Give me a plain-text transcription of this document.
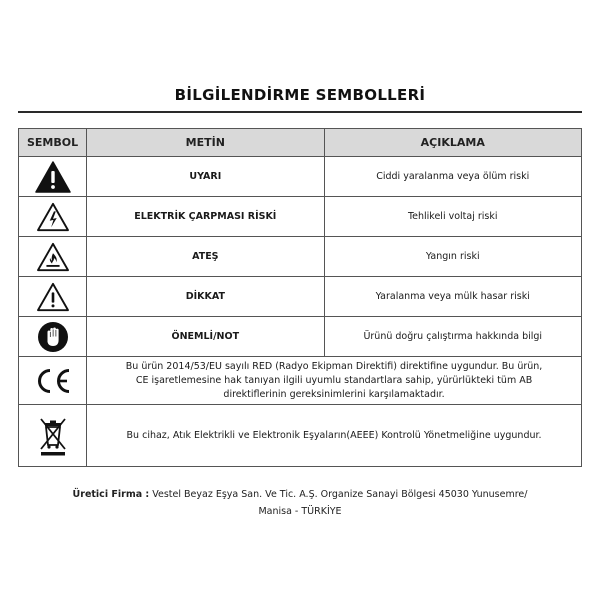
BİLGİLENDİRME SEMBOLLERİ
SEMBOL	METİN	AÇIKLAMA

	UYARI	Ciddi yaralanma veya ölüm riski

	ELEKTRİK ÇARPMASI RİSKİ	Tehlikeli voltaj riski

	ATEŞ	Yangın riski

	DİKKAT	Yaralanma veya mülk hasar riski

	ÖNEMLİ/NOT	Ürünü doğru çalıştırma hakkında bilgi

	Bu ürün 2014/53/EU sayılı RED (Radyo Ekipman Direktifi) direktifine uygundur. Bu ürün,
CE işaretlemesine hak tanıyan ilgili uyumlu standartlara sahip, yürürlükteki tüm AB
direktiflerinin gereksinimlerini karşılamaktadır.	

	Bu cihaz, Atık Elektrikli ve Elektronik Eşyaların(AEEE) Kontrolü Yönetmeliğine uygundur.	
Üretici Firma : Vestel Beyaz Eşya San. Ve Tic. A.Ş. Organize Sanayi Bölgesi 45030 Yunusemre/
Manisa - TÜRKİYE
